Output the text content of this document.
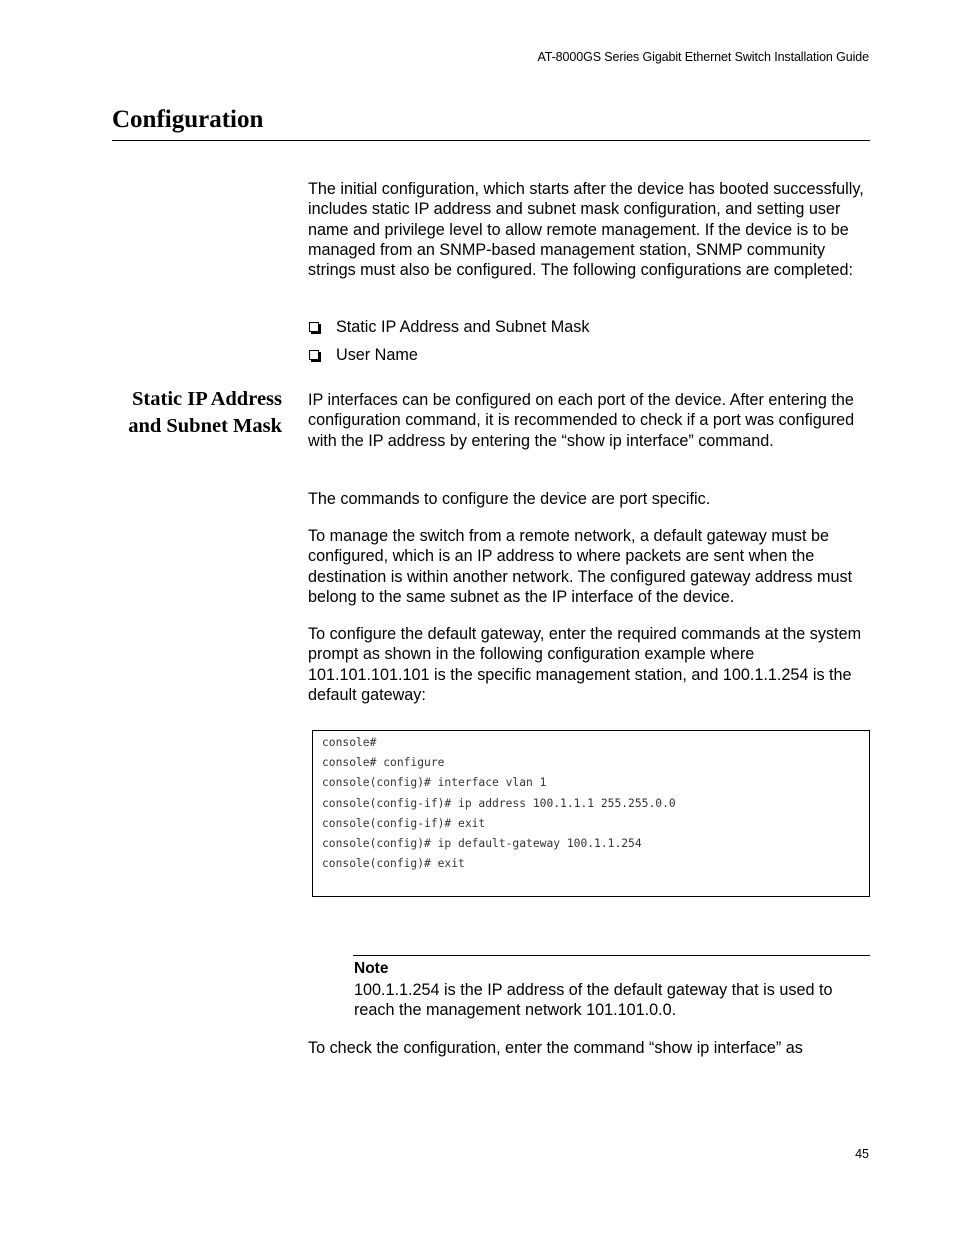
AT-8000GS Series Gigabit Ethernet Switch Installation Guide
Configuration
The initial configuration, which starts after the device has booted successfully, includes static IP address and subnet mask configuration, and setting user name and privilege level to allow remote management. If the device is to be managed from an SNMP-based management station, SNMP community strings must also be configured. The following configurations are completed:
Static IP Address and Subnet Mask
User Name
Static IP Address
and Subnet Mask
IP interfaces can be configured on each port of the device. After entering the configuration command, it is recommended to check if a port was configured with the IP address by entering the “show ip interface” command.
The commands to configure the device are port specific.
To manage the switch from a remote network, a default gateway must be configured, which is an IP address to where packets are sent when the destination is within another network. The configured gateway address must belong to the same subnet as the IP interface of the device.
To configure the default gateway, enter the required commands at the system prompt as shown in the following configuration example where 101.101.101.101 is the specific management station, and 100.1.1.254 is the default gateway:
console#
console# configure
console(config)# interface vlan 1
console(config-if)# ip address 100.1.1.1 255.255.0.0
console(config-if)# exit
console(config)# ip default-gateway 100.1.1.254
console(config)# exit
Note
100.1.1.254 is the IP address of the default gateway that is used to reach the management network 101.101.0.0.
To check the configuration, enter the command “show ip interface” as
45
